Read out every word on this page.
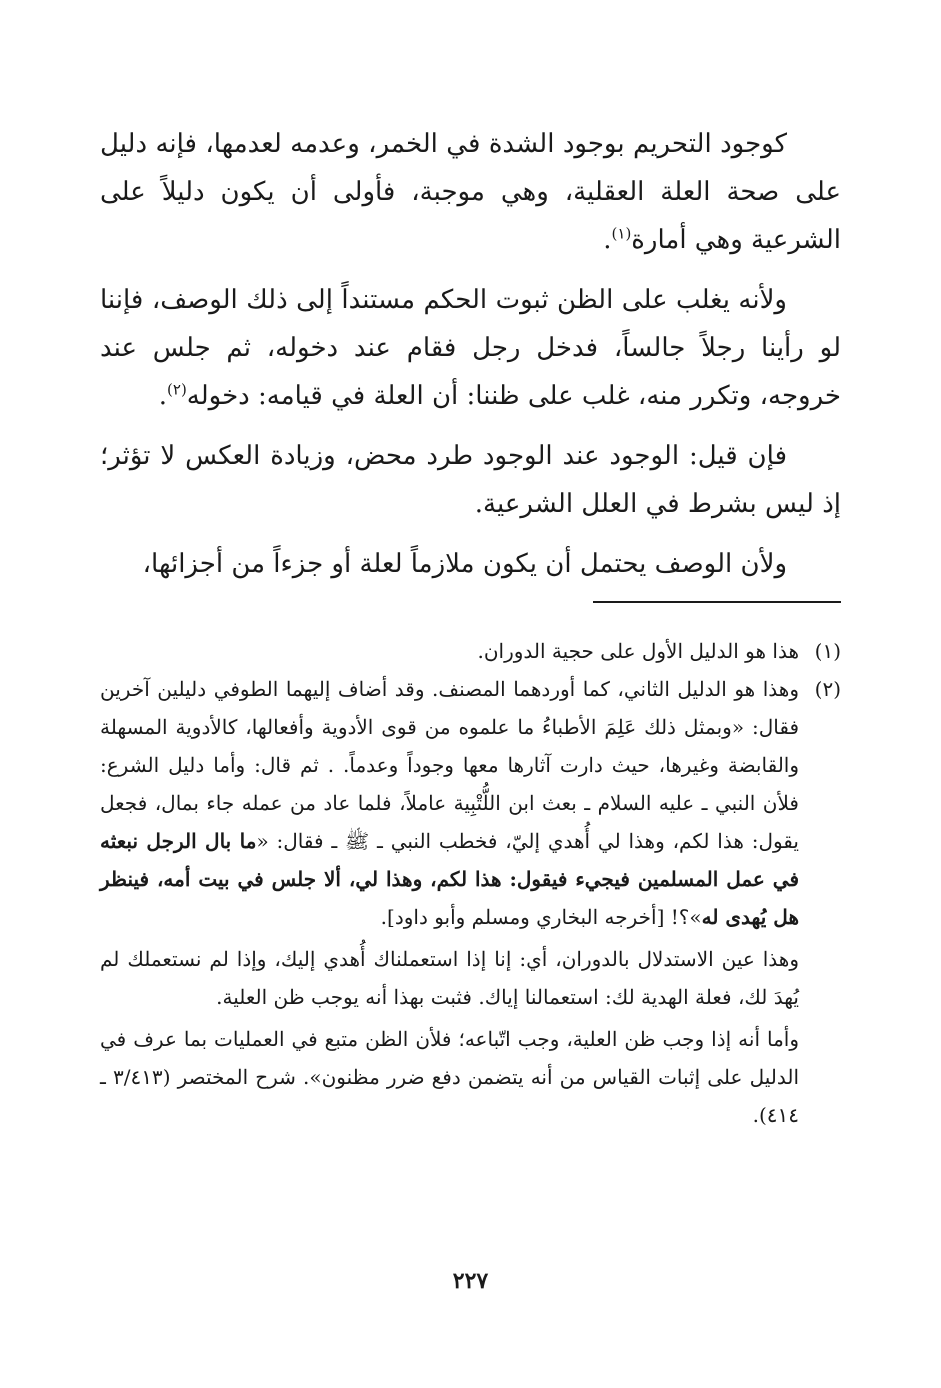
كوجود التحريم بوجود الشدة في الخمر، وعدمه لعدمها، فإنه دليل على صحة العلة العقلية، وهي موجبة، فأولى أن يكون دليلاً على الشرعية وهي أمارة$^{(١)}$.

ولأنه يغلب على الظن ثبوت الحكم مستنداً إلى ذلك الوصف، فإننا لو رأينا رجلاً جالساً، فدخل رجل فقام عند دخوله، ثم جلس عند خروجه، وتكرر منه، غلب على ظننا: أن العلة في قيامه: دخوله$^{(٢)}$.

فإن قيل: الوجود عند الوجود طرد محض، وزيادة العكس لا تؤثر؛ إذ ليس بشرط في العلل الشرعية.

ولأن الوصف يحتمل أن يكون ملازماً لعلة أو جزءاً من أجزائها،

(١)
هذا هو الدليل الأول على حجية الدوران.
(٢)
وهذا هو الدليل الثاني، كما أوردهما المصنف. وقد أضاف إليهما الطوفي دليلين آخرين فقال: «وبمثل ذلك عَلِمَ الأطباءُ ما علموه من قوى الأدوية وأفعالها، كالأدوية المسهلة والقابضة وغيرها، حيث دارت آثارها معها وجوداً وعدماً. . ثم قال: وأما دليل الشرع: فلأن النبي ـ عليه السلام ـ بعث ابن اللُّتْبِية عاملاً، فلما عاد من عمله جاء بمال، فجعل يقول: هذا لكم، وهذا لي أُهدي إليّ، فخطب النبي ـ ﷺ ـ فقال: «ما بال الرجل نبعثه في عمل المسلمين فيجيء فيقول: هذا لكم، وهذا لي، ألا جلس في بيت أمه، فينظر هل يُهدى له»؟! [أخرجه البخاري ومسلم وأبو داود].

وهذا عين الاستدلال بالدوران، أي: إنا إذا استعملناك أُهدي إليك، وإذا لم نستعملك لم يُهدَ لك، فعلة الهدية لك: استعمالنا إياك. فثبت بهذا أنه يوجب ظن العلية.

وأما أنه إذا وجب ظن العلية، وجب اتّباعه؛ فلأن الظن متبع في العمليات بما عرف في الدليل على إثبات القياس من أنه يتضمن دفع ضرر مظنون». شرح المختصر (٣/٤١٣ ـ ٤١٤).

٢٢٧
